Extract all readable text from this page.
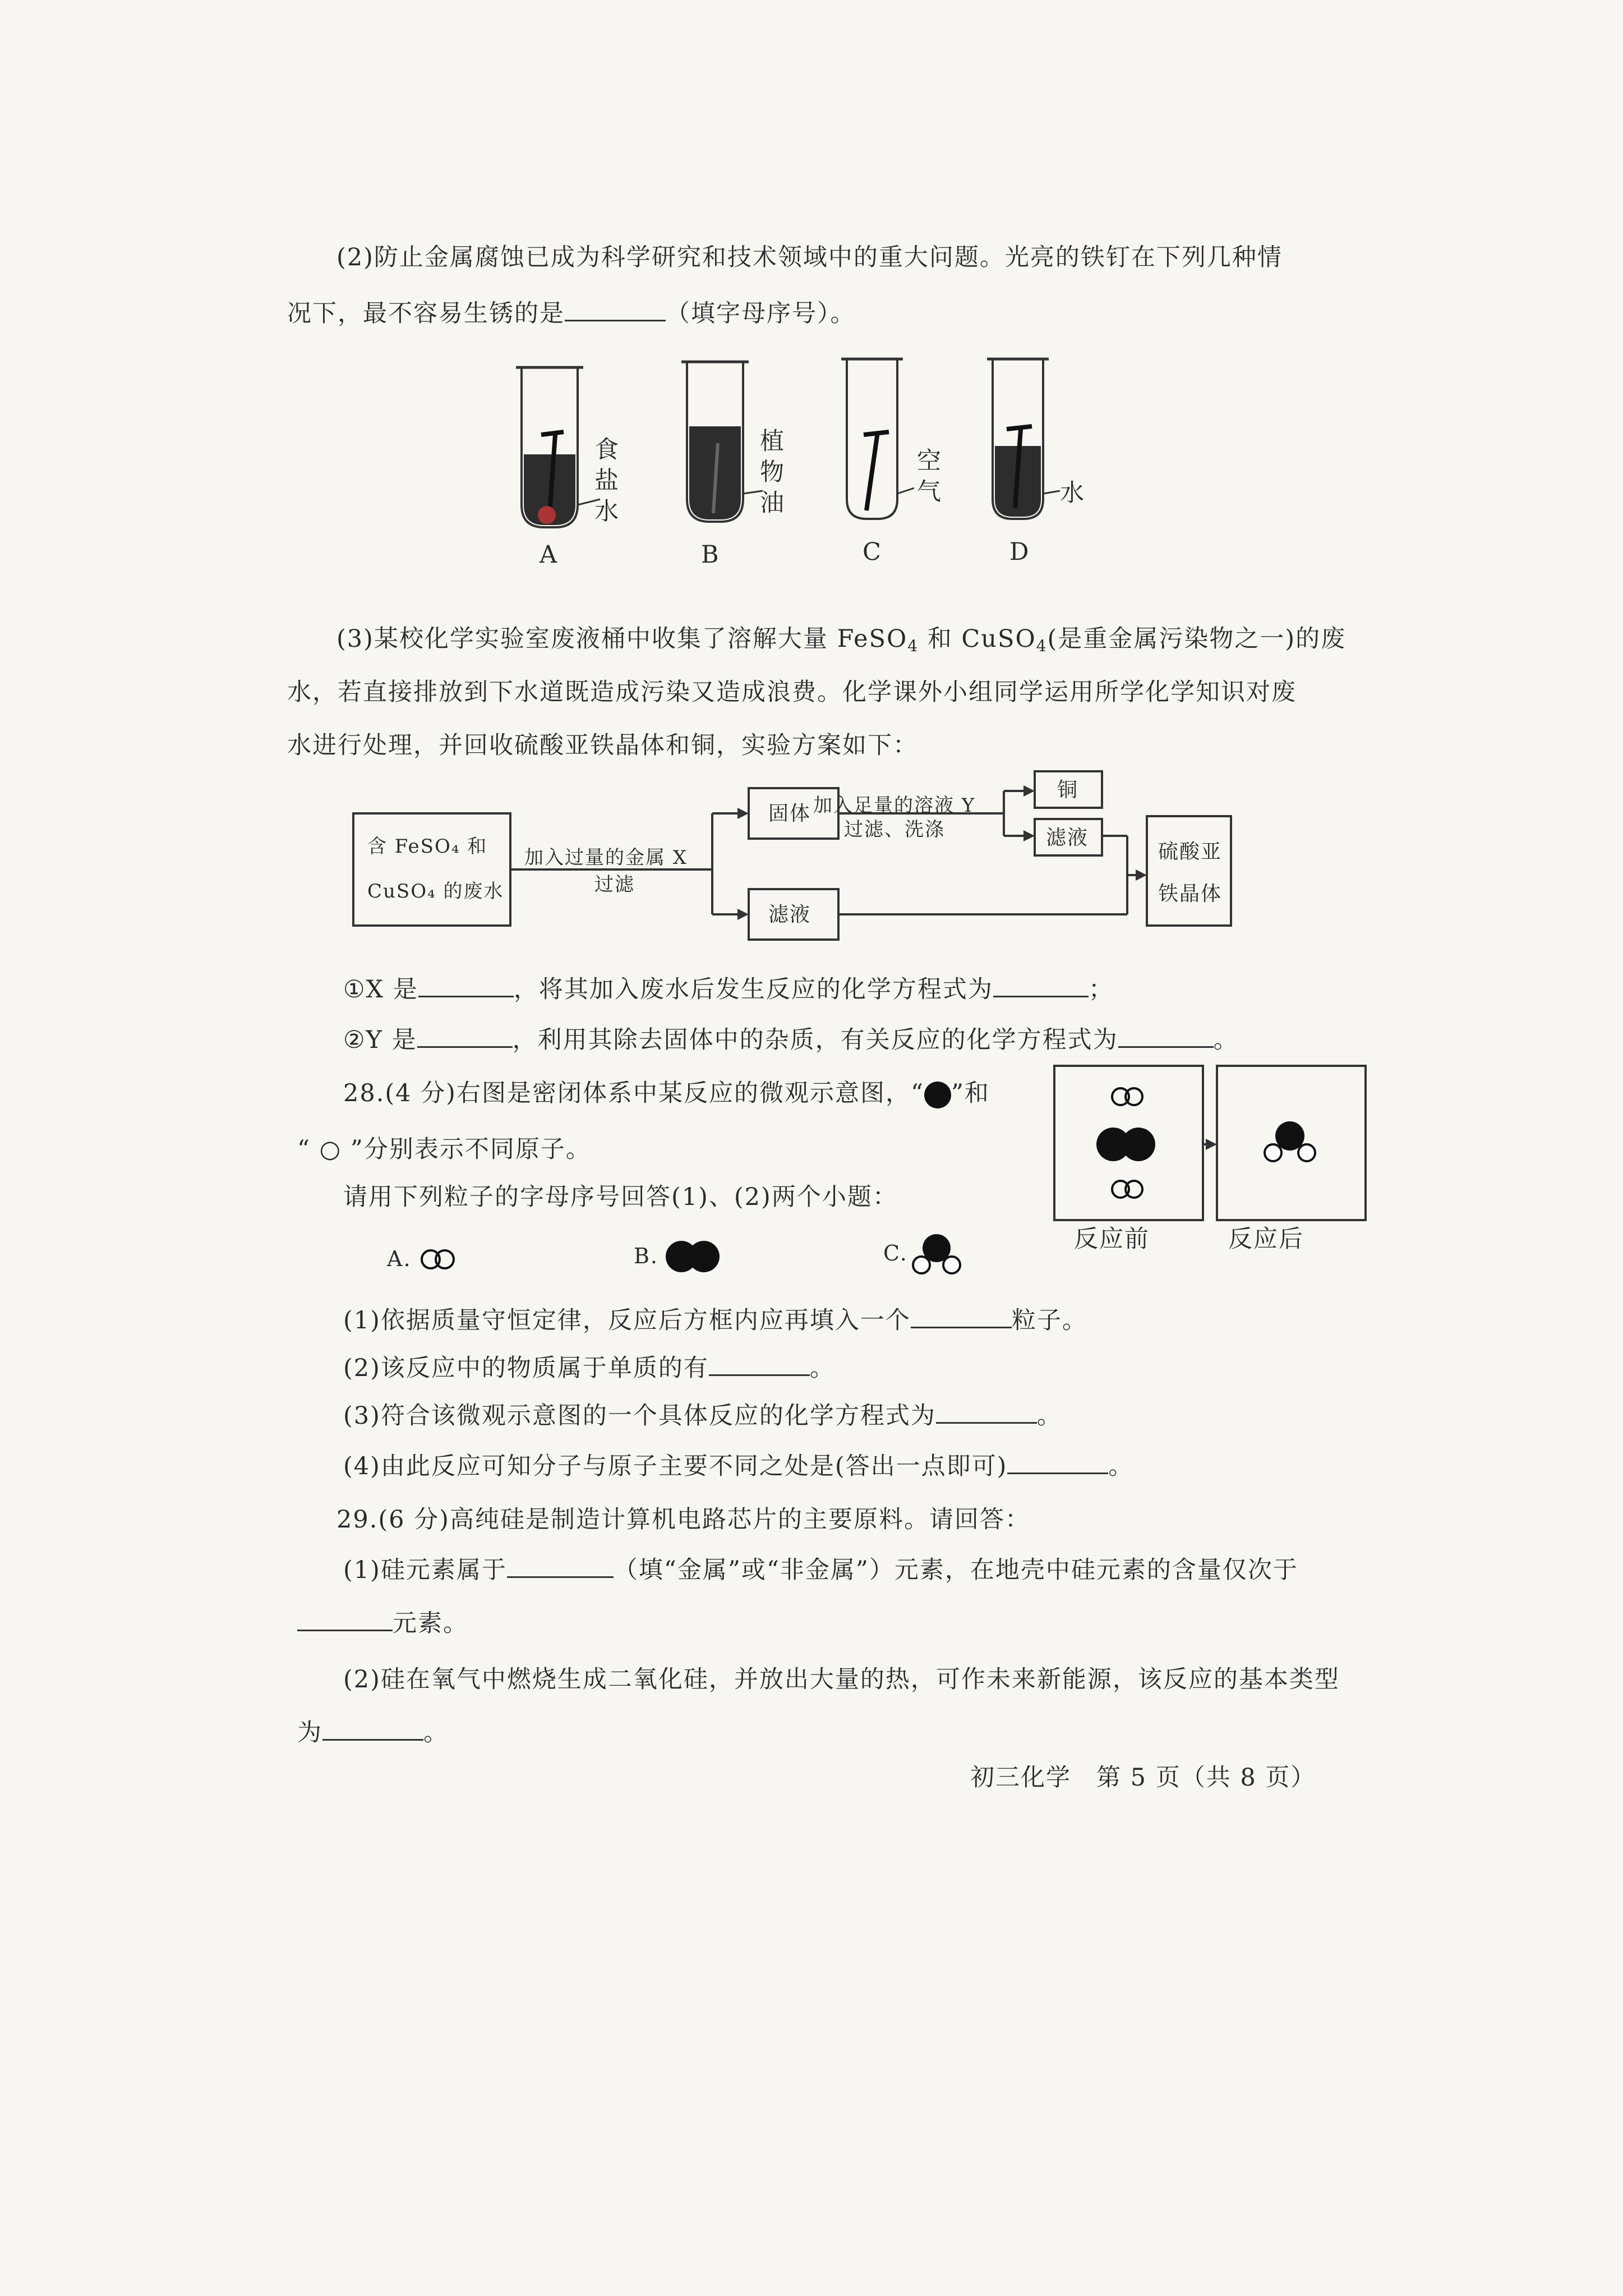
(2)防止金属腐蚀已成为科学研究和技术领域中的重大问题。光亮的铁钉在下列几种情
况下，最不容易生锈的是	（填字母序号）。
食
盐
水
植
物
油
空
气	水
A	B	C	D
(3)某校化学实验室废液桶中收集了溶解大量 FeSO$_4$ 和 CuSO$_4$(是重金属污染物之一)的废
水，若直接排放到下水道既造成污染又造成浪费。化学课外小组同学运用所学化学知识对废
水进行处理，并回收硫酸亚铁晶体和铜，实验方案如下：
含 FeSO₄ 和
CuSO₄ 的废水
加入过量的金属 X
过滤
固体
滤液
加入足量的溶液 Y
过滤、洗涤
铜
滤液
硫酸亚
铁晶体
①X 是	，将其加入废水后发生反应的化学方程式为	；
②Y 是	，利用其除去固体中的杂质，有关反应的化学方程式为	。
28.(4 分)右图是密闭体系中某反应的微观示意图，“ ”和
“ ○ ”分别表示不同原子。
请用下列粒子的字母序号回答(1)、(2)两个小题：
A.	B.	C.	反应前	反应后
(1)依据质量守恒定律，反应后方框内应再填入一个	粒子。
(2)该反应中的物质属于单质的有	。
(3)符合该微观示意图的一个具体反应的化学方程式为	。
(4)由此反应可知分子与原子主要不同之处是(答出一点即可)	。
29.(6 分)高纯硅是制造计算机电路芯片的主要原料。请回答：
(1)硅元素属于	（填“金属”或“非金属”）元素，在地壳中硅元素的含量仅次于
元素。
(2)硅在氧气中燃烧生成二氧化硅，并放出大量的热，可作未来新能源，该反应的基本类型
为	。
初三化学　第 5 页（共 8 页）
